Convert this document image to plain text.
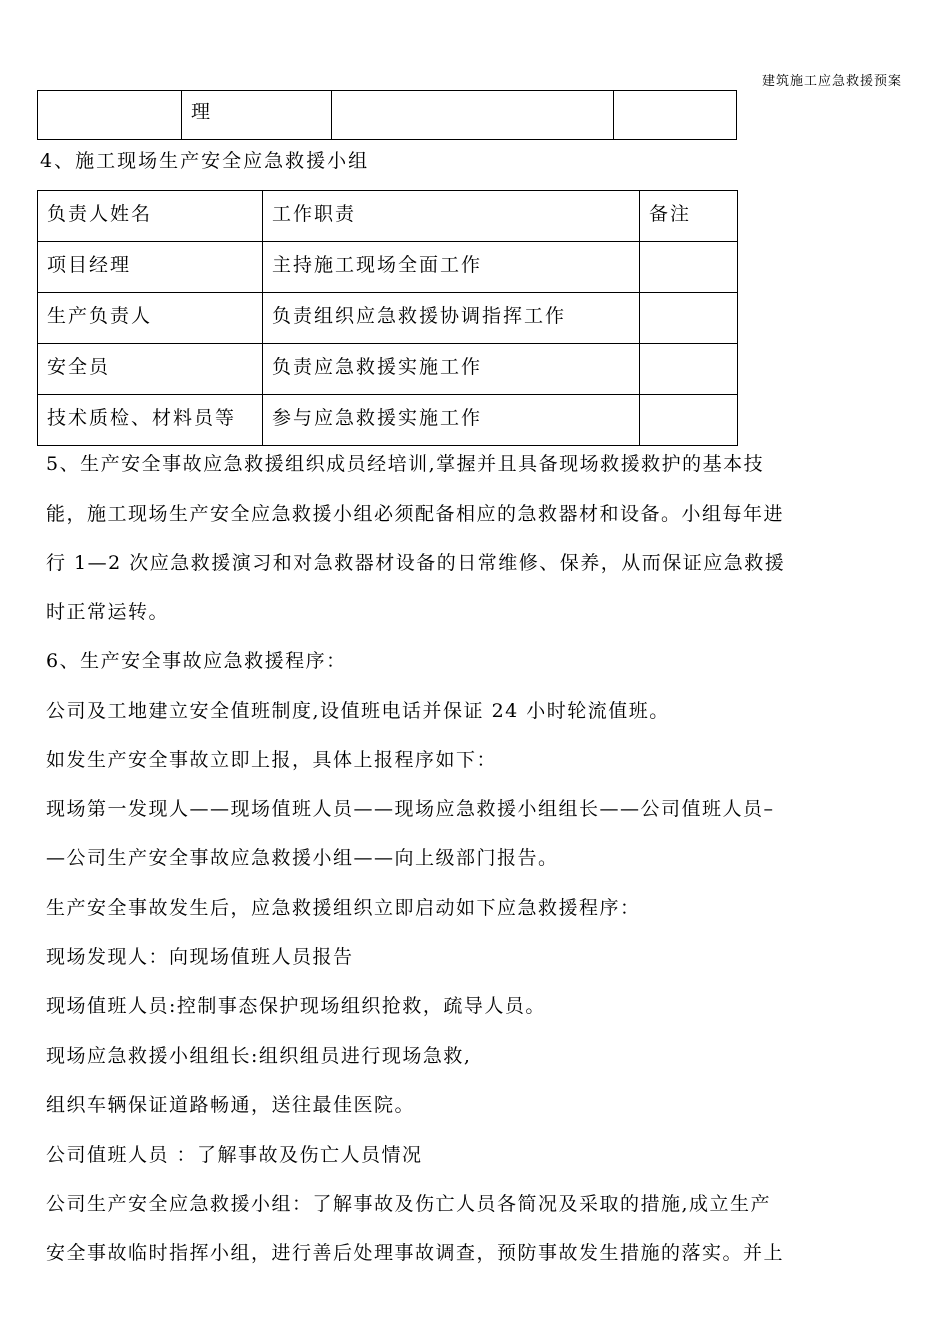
建筑施工应急救援预案
	理		
4、施工现场生产安全应急救援小组
负责人姓名	工作职责	备注
项目经理	主持施工现场全面工作	
生产负责人	负责组织应急救援协调指挥工作	
安全员	负责应急救援实施工作	
技术质检、材料员等	参与应急救援实施工作	

5、生产安全事故应急救援组织成员经培训,掌握并且具备现场救援救护的基本技

能，施工现场生产安全应急救援小组必须配备相应的急救器材和设备。小组每年进

行 1—2 次应急救援演习和对急救器材设备的日常维修、保养，从而保证应急救援

时正常运转。

6、生产安全事故应急救援程序：

公司及工地建立安全值班制度,设值班电话并保证 24 小时轮流值班。

如发生产安全事故立即上报，具体上报程序如下：

现场第一发现人——现场值班人员——现场应急救援小组组长——公司值班人员–

—公司生产安全事故应急救援小组——向上级部门报告。

生产安全事故发生后，应急救援组织立即启动如下应急救援程序：

现场发现人：向现场值班人员报告

现场值班人员:控制事态保护现场组织抢救，疏导人员。

现场应急救援小组组长:组织组员进行现场急救,

组织车辆保证道路畅通，送往最佳医院。

公司值班人员 ：了解事故及伤亡人员情况

公司生产安全应急救援小组：了解事故及伤亡人员各简况及采取的措施,成立生产

安全事故临时指挥小组，进行善后处理事故调查，预防事故发生措施的落实。并上
